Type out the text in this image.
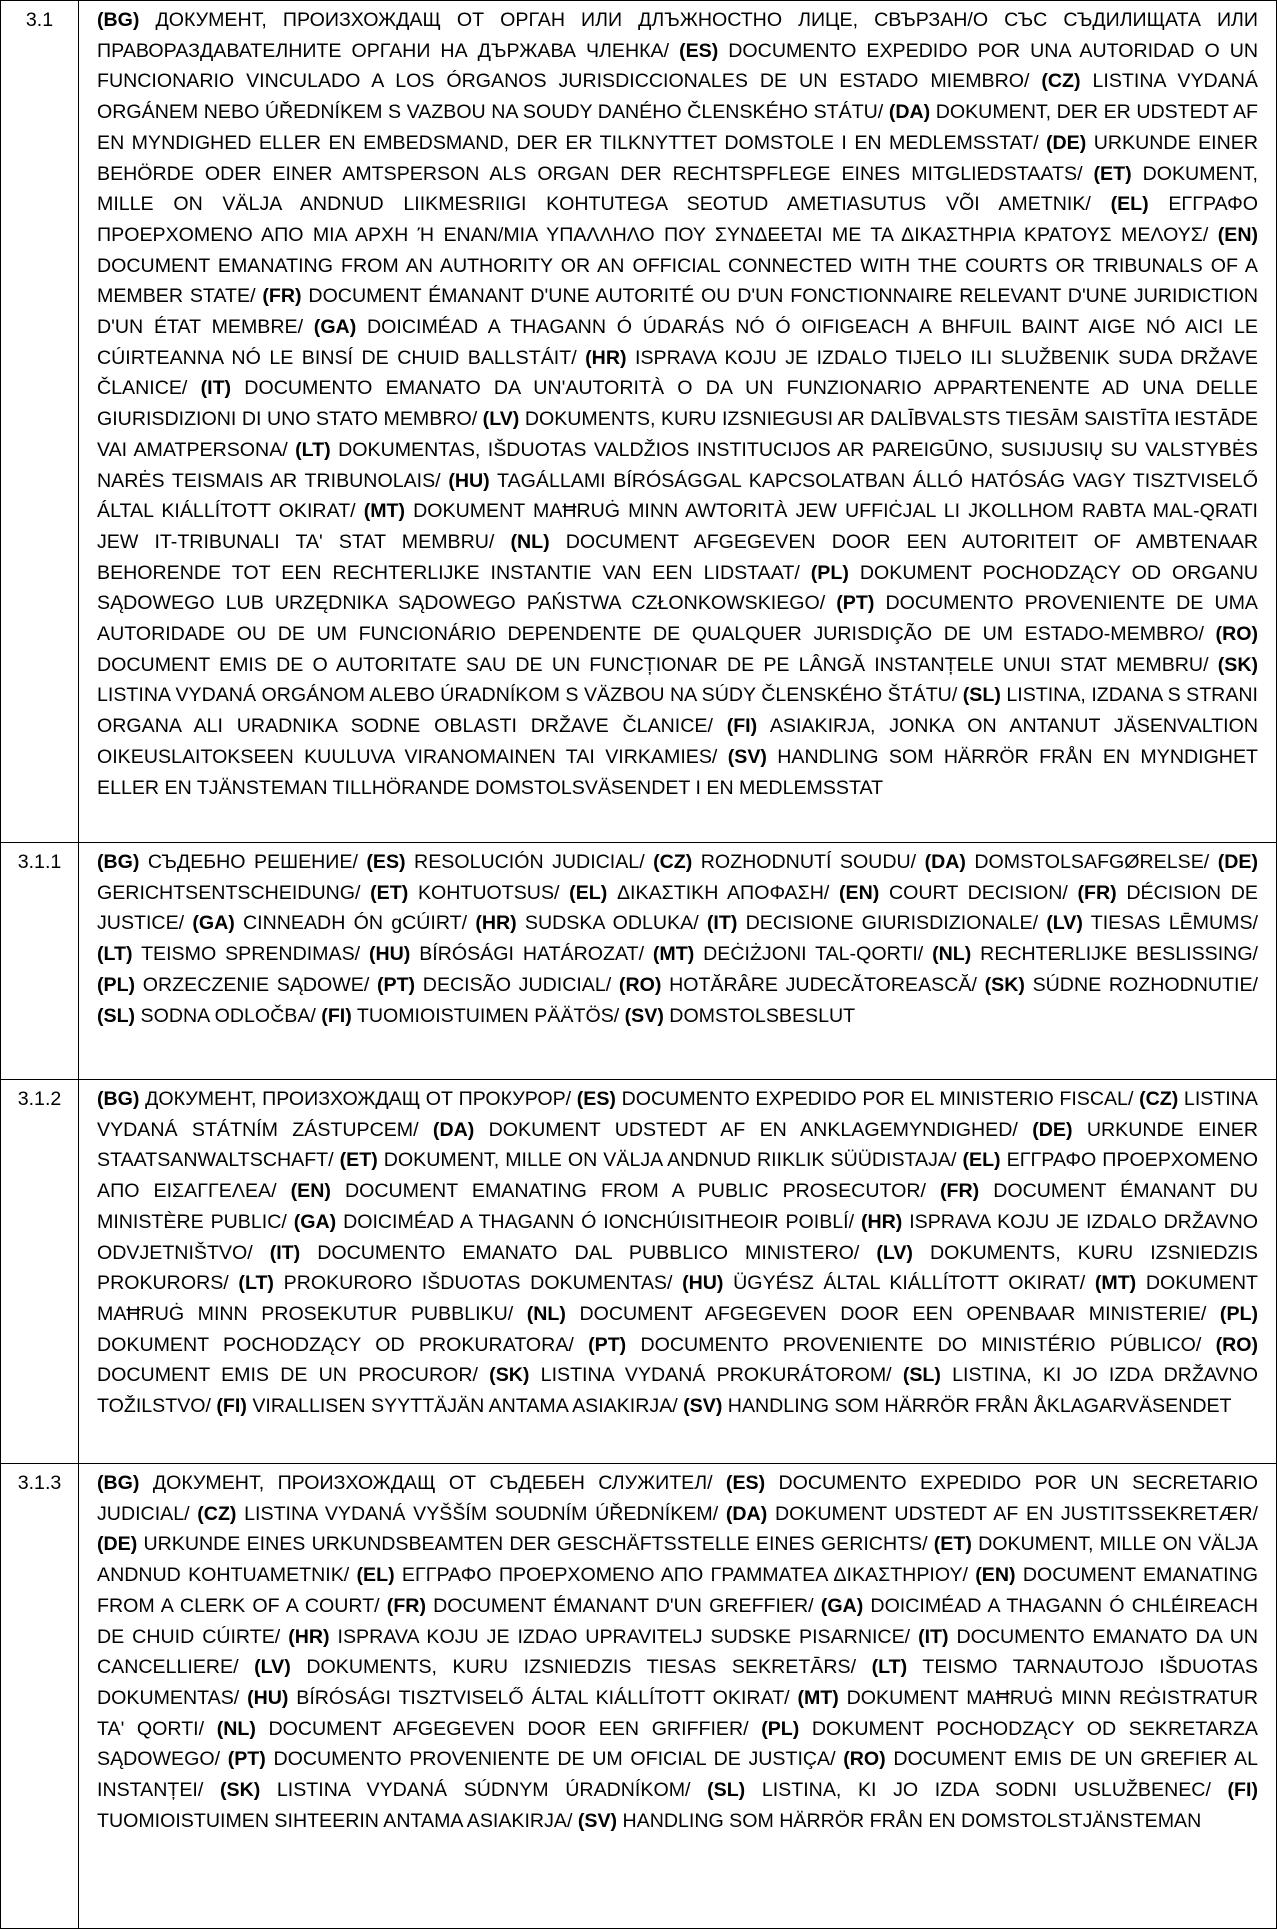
3.1	(BG) ДОКУМЕНТ, ПРОИЗХОЖДАЩ ОТ ОРГАН ИЛИ ДЛЪЖНОСТНО ЛИЦЕ, СВЪРЗАН/О СЪС СЪДИЛИЩАТА ИЛИ ПРАВОРАЗДАВАТЕЛНИТЕ ОРГАНИ НА ДЪРЖАВА ЧЛЕНКА/ (ES) DOCUMENTO EXPEDIDO POR UNA AUTORIDAD O UN FUNCIONARIO VINCULADO A LOS ÓRGANOS JURISDICCIONALES DE UN ESTADO MIEMBRO/ (CZ) LISTINA VYDANÁ ORGÁNEM NEBO ÚŘEDNÍKEM S VAZBOU NA SOUDY DANÉHO ČLENSKÉHO STÁTU/ (DA) DOKUMENT, DER ER UDSTEDT AF EN MYNDIGHED ELLER EN EMBEDSMAND, DER ER TILKNYTTET DOMSTOLE I EN MEDLEMSSTAT/ (DE) URKUNDE EINER BEHÖRDE ODER EINER AMTSPERSON ALS ORGAN DER RECHTSPFLEGE EINES MITGLIEDSTAATS/ (ET) DOKUMENT, MILLE ON VÄLJA ANDNUD LIIKMESRIIGI KOHTUTEGA SEOTUD AMETIASUTUS VÕI AMETNIK/ (EL) ΕΓΓΡΑΦΟ ΠΡΟΕΡΧΟΜΕΝΟ ΑΠΟ ΜΙΑ ΑΡΧΗ Ή ΕΝΑΝ/ΜΙΑ ΥΠΑΛΛΗΛΟ ΠΟΥ ΣΥΝΔΕΕΤΑΙ ΜΕ ΤΑ ΔΙΚΑΣΤΗΡΙΑ ΚΡΑΤΟΥΣ ΜΕΛΟΥΣ/ (EN) DOCUMENT EMANATING FROM AN AUTHORITY OR AN OFFICIAL CONNECTED WITH THE COURTS OR TRIBUNALS OF A MEMBER STATE/ (FR) DOCUMENT ÉMANANT D'UNE AUTORITÉ OU D'UN FONCTIONNAIRE RELEVANT D'UNE JURIDICTION D'UN ÉTAT MEMBRE/ (GA) DOICIMÉAD A THAGANN Ó ÚDARÁS NÓ Ó OIFIGEACH A BHFUIL BAINT AIGE NÓ AICI LE CÚIRTEANNA NÓ LE BINSÍ DE CHUID BALLSTÁIT/ (HR) ISPRAVA KOJU JE IZDALO TIJELO ILI SLUŽBENIK SUDA DRŽAVE ČLANICE/ (IT) DOCUMENTO EMANATO DA UN'AUTORITÀ O DA UN FUNZIONARIO APPARTENENTE AD UNA DELLE GIURISDIZIONI DI UNO STATO MEMBRO/ (LV) DOKUMENTS, KURU IZSNIEGUSI AR DALĪBVALSTS TIESĀM SAISTĪTA IESTĀDE VAI AMATPERSONA/ (LT) DOKUMENTAS, IŠDUOTAS VALDŽIOS INSTITUCIJOS AR PAREIGŪNO, SUSIJUSIŲ SU VALSTYBĖS NARĖS TEISMAIS AR TRIBUNOLAIS/ (HU) TAGÁLLAMI BÍRÓSÁGGAL KAPCSOLATBAN ÁLLÓ HATÓSÁG VAGY TISZTVISELŐ ÁLTAL KIÁLLÍTOTT OKIRAT/ (MT) DOKUMENT MAĦRUĠ MINN AWTORITÀ JEW UFFIĊJAL LI JKOLLHOM RABTA MAL-QRATI JEW IT-TRIBUNALI TA' STAT MEMBRU/ (NL) DOCUMENT AFGEGEVEN DOOR EEN AUTORITEIT OF AMBTENAAR BEHORENDE TOT EEN RECHTERLIJKE INSTANTIE VAN EEN LIDSTAAT/ (PL) DOKUMENT POCHODZĄCY OD ORGANU SĄDOWEGO LUB URZĘDNIKA SĄDOWEGO PAŃSTWA CZŁONKOWSKIEGO/ (PT) DOCUMENTO PROVENIENTE DE UMA AUTORIDADE OU DE UM FUNCIONÁRIO DEPENDENTE DE QUALQUER JURISDIÇÃO DE UM ESTADO-MEMBRO/ (RO) DOCUMENT EMIS DE O AUTORITATE SAU DE UN FUNCȚIONAR DE PE LÂNGĂ INSTANȚELE UNUI STAT MEMBRU/ (SK) LISTINA VYDANÁ ORGÁNOM ALEBO ÚRADNÍKOM S VÄZBOU NA SÚDY ČLENSKÉHO ŠTÁTU/ (SL) LISTINA, IZDANA S STRANI ORGANA ALI URADNIKA SODNE OBLASTI DRŽAVE ČLANICE/ (FI) ASIAKIRJA, JONKA ON ANTANUT JÄSENVALTION OIKEUSLAITOKSEEN KUULUVA VIRANOMAINEN TAI VIRKAMIES/ (SV) HANDLING SOM HÄRRÖR FRÅN EN MYNDIGHET ELLER EN TJÄNSTEMAN TILLHÖRANDE DOMSTOLSVÄSENDET I EN MEDLEMSSTAT
3.1.1	(BG) СЪДЕБНО РЕШЕНИЕ/ (ES) RESOLUCIÓN JUDICIAL/ (CZ) ROZHODNUTÍ SOUDU/ (DA) DOMSTOLSAFGØRELSE/ (DE) GERICHTSENTSCHEIDUNG/ (ET) KOHTUOTSUS/ (EL) ΔΙΚΑΣΤΙΚΗ ΑΠΟΦΑΣΗ/ (EN) COURT DECISION/ (FR) DÉCISION DE JUSTICE/ (GA) CINNEADH ÓN gCÚIRT/ (HR) SUDSKA ODLUKA/ (IT) DECISIONE GIURISDIZIONALE/ (LV) TIESAS LĒMUMS/ (LT) TEISMO SPRENDIMAS/ (HU) BÍRÓSÁGI HATÁROZAT/ (MT) DEĊIŻJONI TAL-QORTI/ (NL) RECHTERLIJKE BESLISSING/ (PL) ORZECZENIE SĄDOWE/ (PT) DECISÃO JUDICIAL/ (RO) HOTĂRÂRE JUDECĂTOREASCĂ/ (SK) SÚDNE ROZHODNUTIE/ (SL) SODNA ODLOČBA/ (FI) TUOMIOISTUIMEN PÄÄTÖS/ (SV) DOMSTOLSBESLUT
3.1.2	(BG) ДОКУМЕНТ, ПРОИЗХОЖДАЩ ОТ ПРОКУРОР/ (ES) DOCUMENTO EXPEDIDO POR EL MINISTERIO FISCAL/ (CZ) LISTINA VYDANÁ STÁTNÍM ZÁSTUPCEM/ (DA) DOKUMENT UDSTEDT AF EN ANKLAGEMYNDIGHED/ (DE) URKUNDE EINER STAATSANWALTSCHAFT/ (ET) DOKUMENT, MILLE ON VÄLJA ANDNUD RIIKLIK SÜÜDISTAJA/ (EL) ΕΓΓΡΑΦΟ ΠΡΟΕΡΧΟΜΕΝΟ ΑΠΟ ΕΙΣΑΓΓΕΛΕΑ/ (EN) DOCUMENT EMANATING FROM A PUBLIC PROSECUTOR/ (FR) DOCUMENT ÉMANANT DU MINISTÈRE PUBLIC/ (GA) DOICIMÉAD A THAGANN Ó IONCHÚISITHEOIR POIBLÍ/ (HR) ISPRAVA KOJU JE IZDALO DRŽAVNO ODVJETNIŠTVO/ (IT) DOCUMENTO EMANATO DAL PUBBLICO MINISTERO/ (LV) DOKUMENTS, KURU IZSNIEDZIS PROKURORS/ (LT) PROKURORO IŠDUOTAS DOKUMENTAS/ (HU) ÜGYÉSZ ÁLTAL KIÁLLÍTOTT OKIRAT/ (MT) DOKUMENT MAĦRUĠ MINN PROSEKUTUR PUBBLIKU/ (NL) DOCUMENT AFGEGEVEN DOOR EEN OPENBAAR MINISTERIE/ (PL) DOKUMENT POCHODZĄCY OD PROKURATORA/ (PT) DOCUMENTO PROVENIENTE DO MINISTÉRIO PÚBLICO/ (RO) DOCUMENT EMIS DE UN PROCUROR/ (SK) LISTINA VYDANÁ PROKURÁTOROM/ (SL) LISTINA, KI JO IZDA DRŽAVNO TOŽILSTVO/ (FI) VIRALLISEN SYYTTÄJÄN ANTAMA ASIAKIRJA/ (SV) HANDLING SOM HÄRRÖR FRÅN ÅKLAGARVÄSENDET
3.1.3	(BG) ДОКУМЕНТ, ПРОИЗХОЖДАЩ ОТ СЪДЕБЕН СЛУЖИТЕЛ/ (ES) DOCUMENTO EXPEDIDO POR UN SECRETARIO JUDICIAL/ (CZ) LISTINA VYDANÁ VYŠŠÍM SOUDNÍM ÚŘEDNÍKEM/ (DA) DOKUMENT UDSTEDT AF EN JUSTITSSEKRETÆR/ (DE) URKUNDE EINES URKUNDSBEAMTEN DER GESCHÄFTSSTELLE EINES GERICHTS/ (ET) DOKUMENT, MILLE ON VÄLJA ANDNUD KOHTUAMETNIK/ (EL) ΕΓΓΡΑΦΟ ΠΡΟΕΡΧΟΜΕΝΟ ΑΠΟ ΓΡΑΜΜΑΤΕΑ ΔΙΚΑΣΤΗΡΙΟΥ/ (EN) DOCUMENT EMANATING FROM A CLERK OF A COURT/ (FR) DOCUMENT ÉMANANT D'UN GREFFIER/ (GA) DOICIMÉAD A THAGANN Ó CHLÉIREACH DE CHUID CÚIRTE/ (HR) ISPRAVA KOJU JE IZDAO UPRAVITELJ SUDSKE PISARNICE/ (IT) DOCUMENTO EMANATO DA UN CANCELLIERE/ (LV) DOKUMENTS, KURU IZSNIEDZIS TIESAS SEKRETĀRS/ (LT) TEISMO TARNAUTOJO IŠDUOTAS DOKUMENTAS/ (HU) BÍRÓSÁGI TISZTVISELŐ ÁLTAL KIÁLLÍTOTT OKIRAT/ (MT) DOKUMENT MAĦRUĠ MINN REĠISTRATUR TA' QORTI/ (NL) DOCUMENT AFGEGEVEN DOOR EEN GRIFFIER/ (PL) DOKUMENT POCHODZĄCY OD SEKRETARZA SĄDOWEGO/ (PT) DOCUMENTO PROVENIENTE DE UM OFICIAL DE JUSTIÇA/ (RO) DOCUMENT EMIS DE UN GREFIER AL INSTANȚEI/ (SK) LISTINA VYDANÁ SÚDNYM ÚRADNÍKOM/ (SL) LISTINA, KI JO IZDA SODNI USLUŽBENEC/ (FI) TUOMIOISTUIMEN SIHTEERIN ANTAMA ASIAKIRJA/ (SV) HANDLING SOM HÄRRÖR FRÅN EN DOMSTOLSTJÄNSTEMAN
